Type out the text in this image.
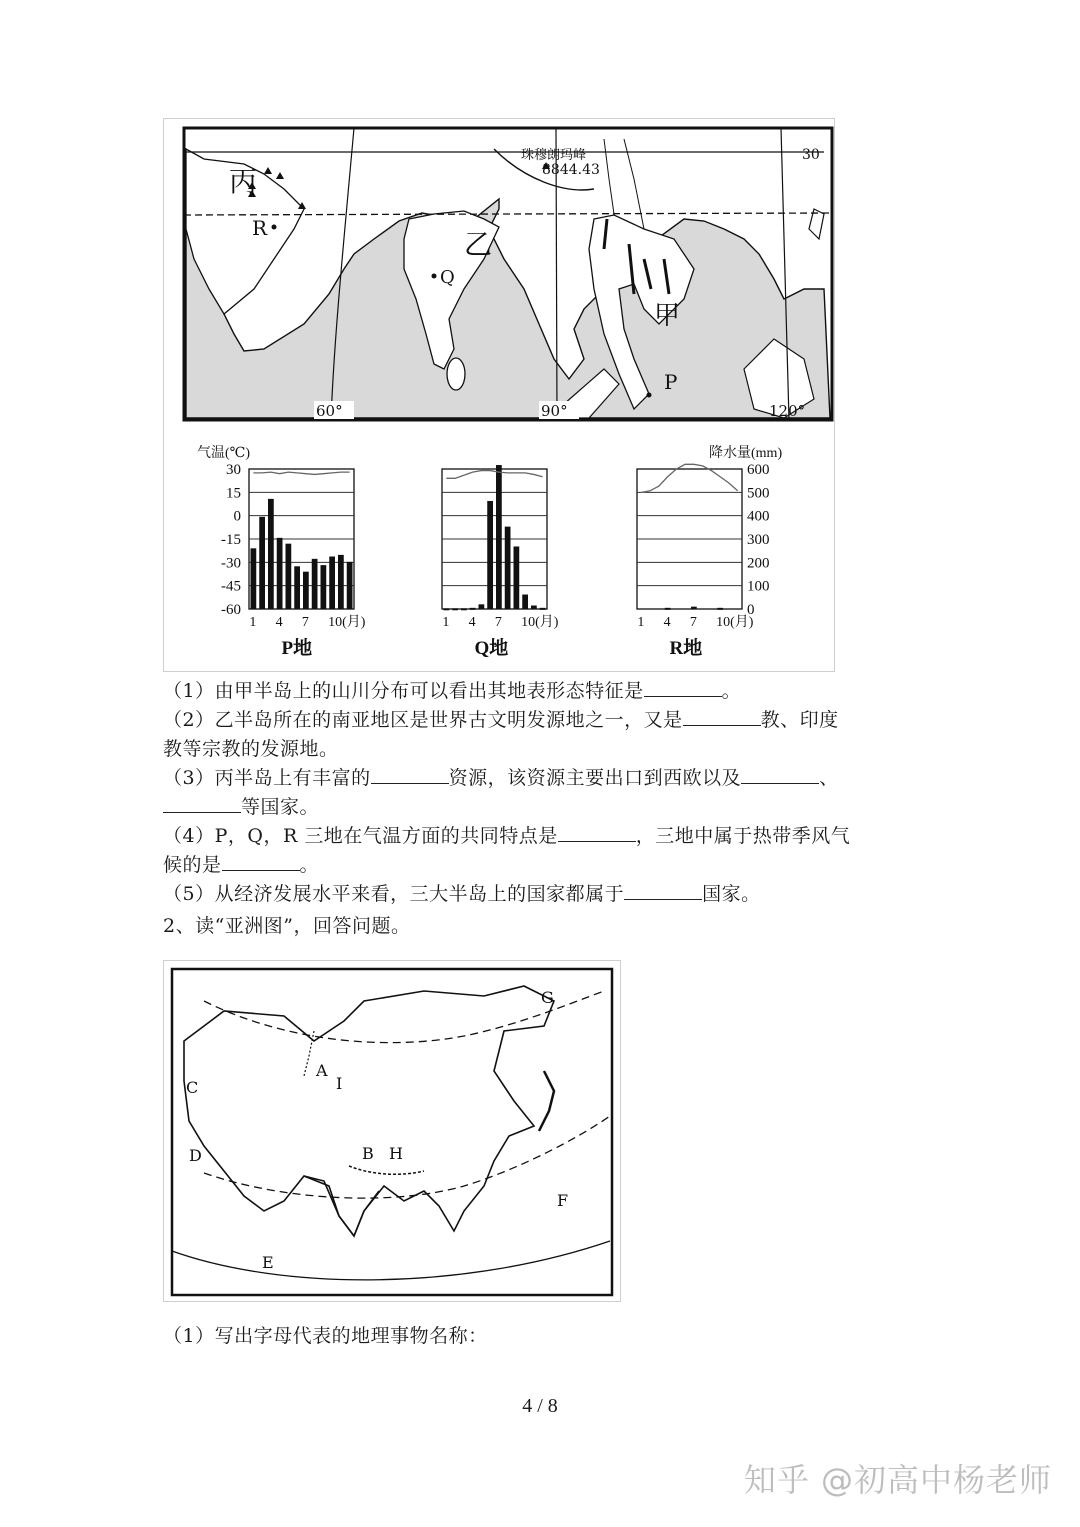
丙
乙
甲
R
Q
P
珠穆朗玛峰
8844.43
30
60°	90°	120°
气温(℃)	降水量(mm)
1 4 7 10(月)
P地
30
15
0
-15
-30
-45
-60
1 4 7 10(月)
Q地
1 4 7 10(月)
R地
600
500
400
300
200
100
0
（1）由甲半岛上的山川分布可以看出其地表形态特征是	。
（2）乙半岛所在的南亚地区是世界古文明发源地之一，又是	教、印度
教等宗教的发源地。
（3）丙半岛上有丰富的	资源，该资源主要出口到西欧以及	、
等国家。
（4）P，Q，R 三地在气温方面的共同特点是	，三地中属于热带季风气
候的是	。
（5）从经济发展水平来看，三大半岛上的国家都属于	国家。
2、读“亚洲图”，回答问题。
A
I
C
D	B H
E
F
G
（1）写出字母代表的地理事物名称：
4 / 8
知乎 @初高中杨老师
